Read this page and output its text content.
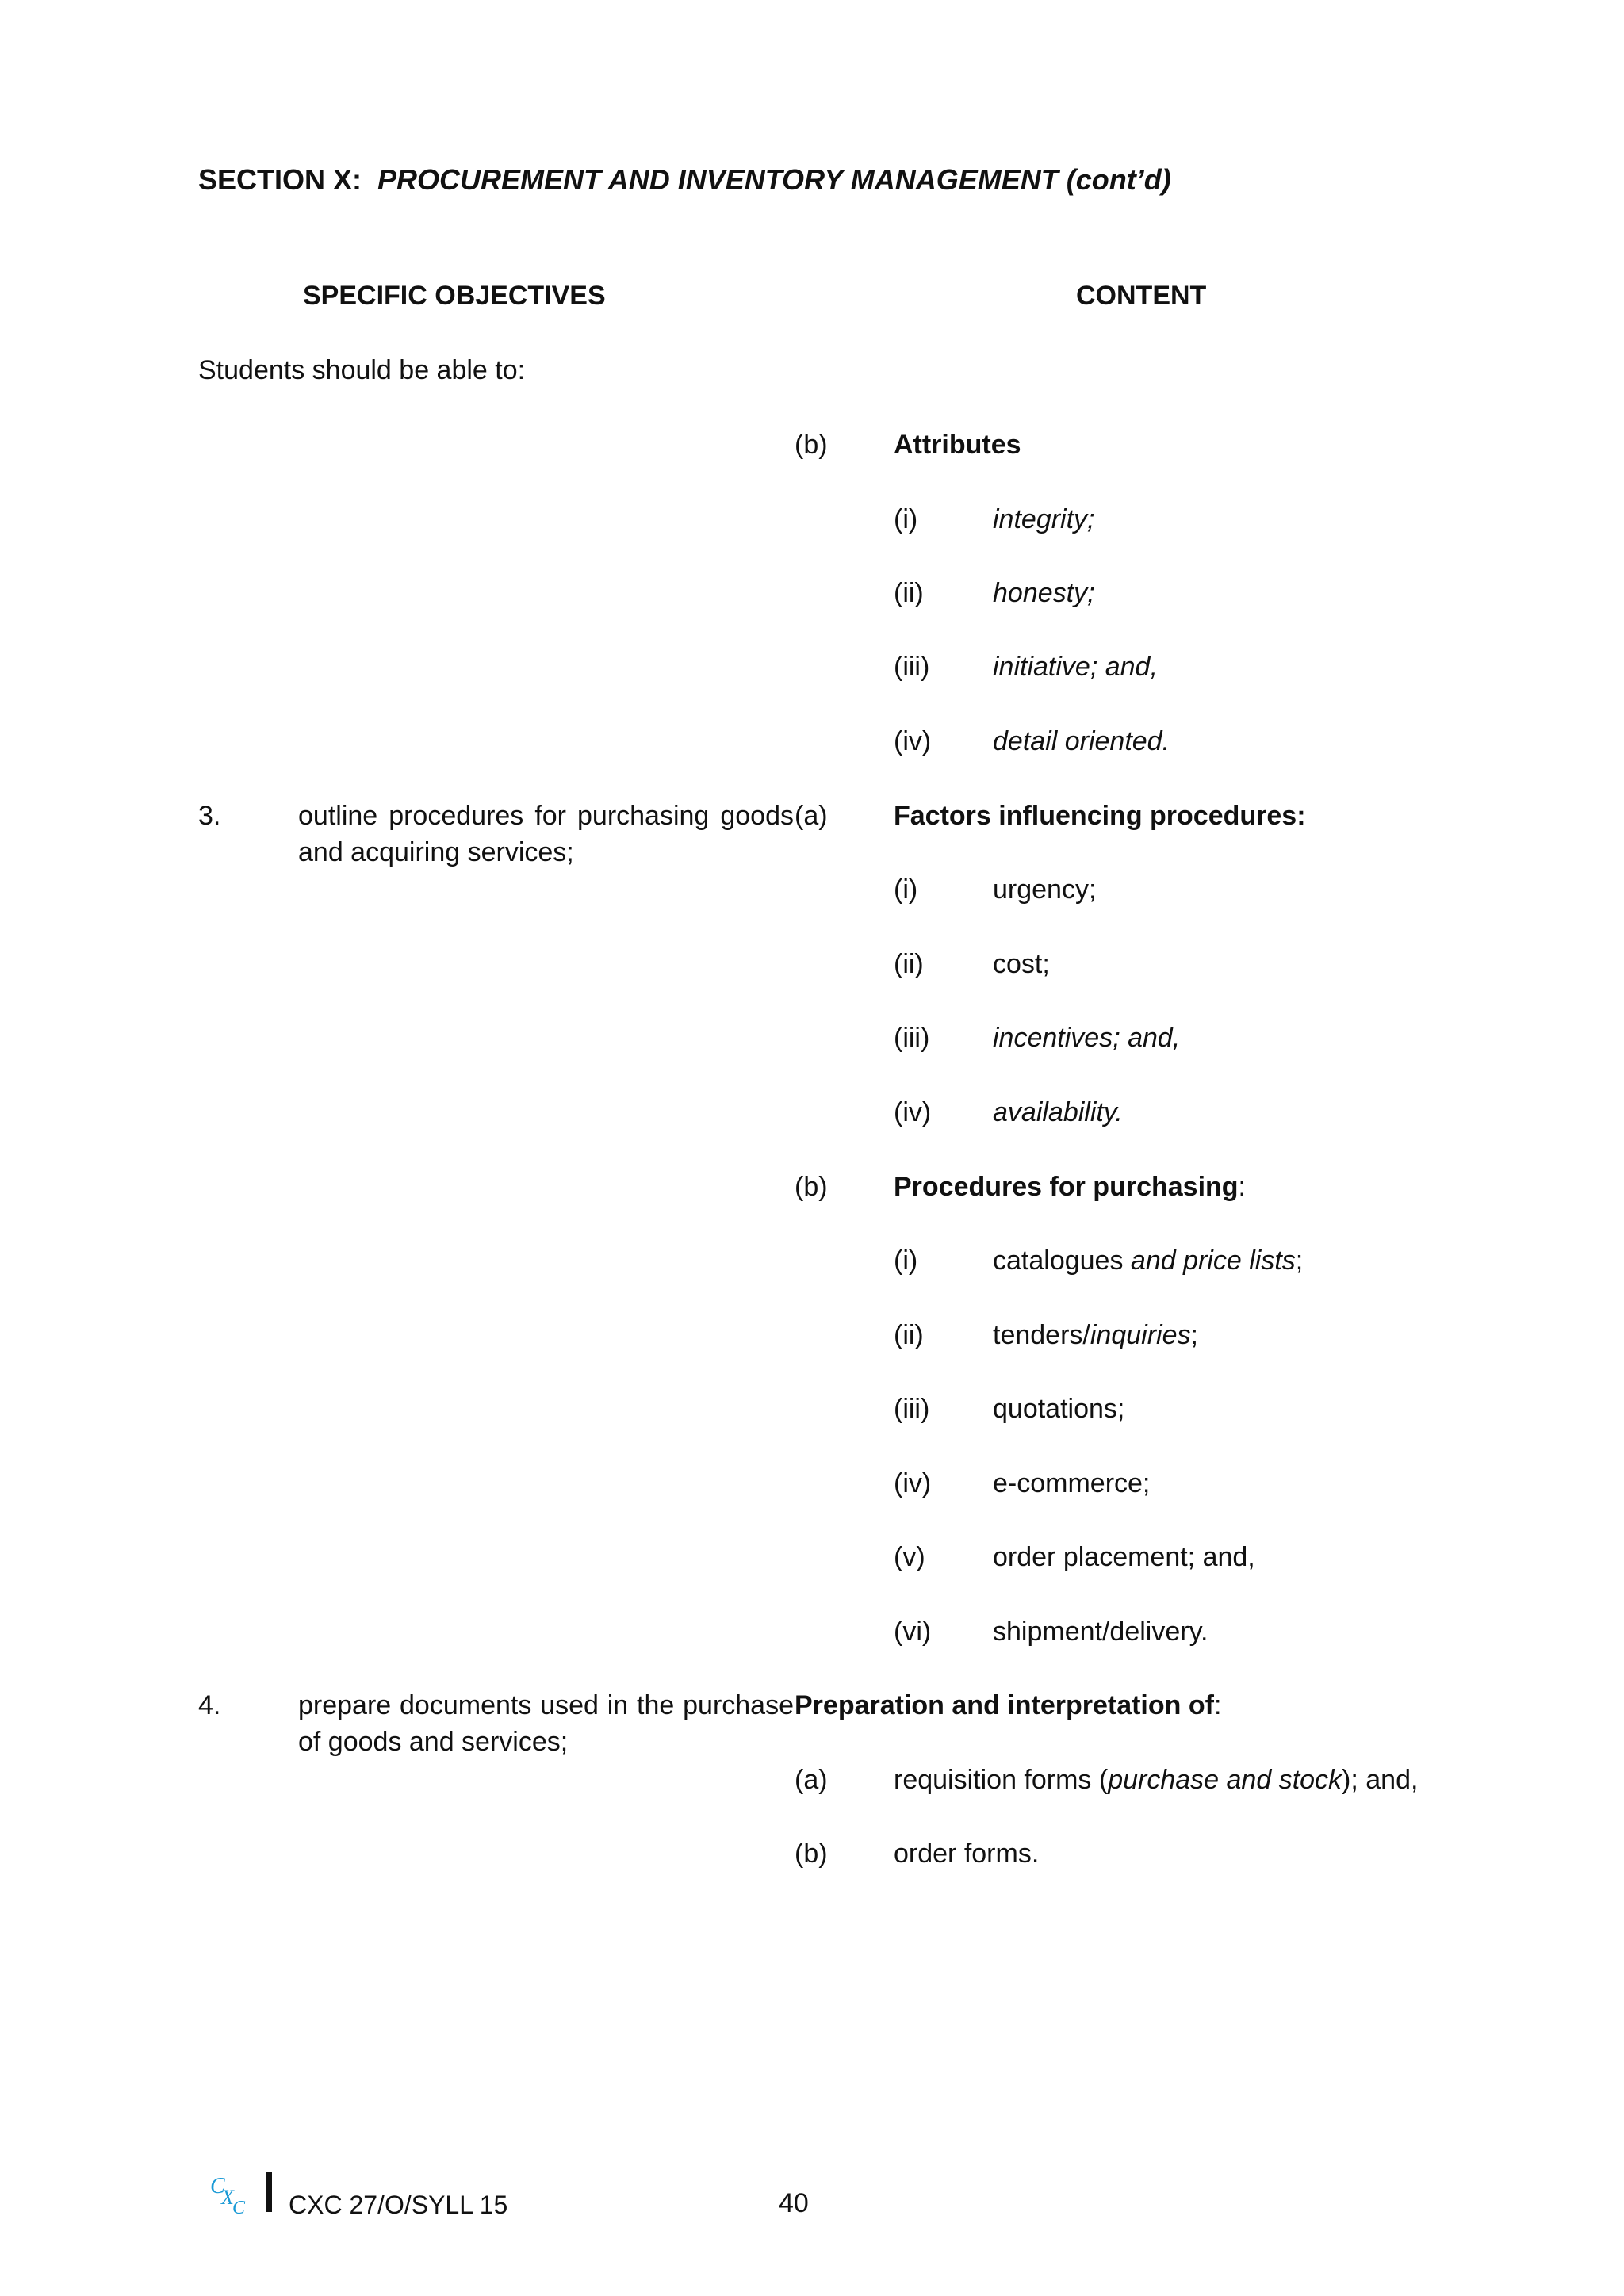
SECTION X: PROCUREMENT AND INVENTORY MANAGEMENT (cont’d)
SPECIFIC OBJECTIVES	CONTENT
Students should be able to:
(b) Attributes
(i)	integrity;
(ii)	honesty;
(iii) initiative; and,
(iv) detail oriented.
3.	outline procedures for purchasing goods and acquiring services;
(a) Factors influencing procedures:
(i)	urgency;
(ii)	cost;
(iii) incentives; and,
(iv) availability.
(b) Procedures for purchasing:
(i)	catalogues and price lists;
(ii)	tenders/inquiries;
(iii) quotations;
(iv) e-commerce;
(v)	order placement; and,
(vi) shipment/delivery.
4.	prepare documents used in the purchase of goods and services;
Preparation and interpretation of:
(a) requisition forms (purchase and stock); and,
(b) order forms.
C
X
C CXC 27/O/SYLL 15	40
